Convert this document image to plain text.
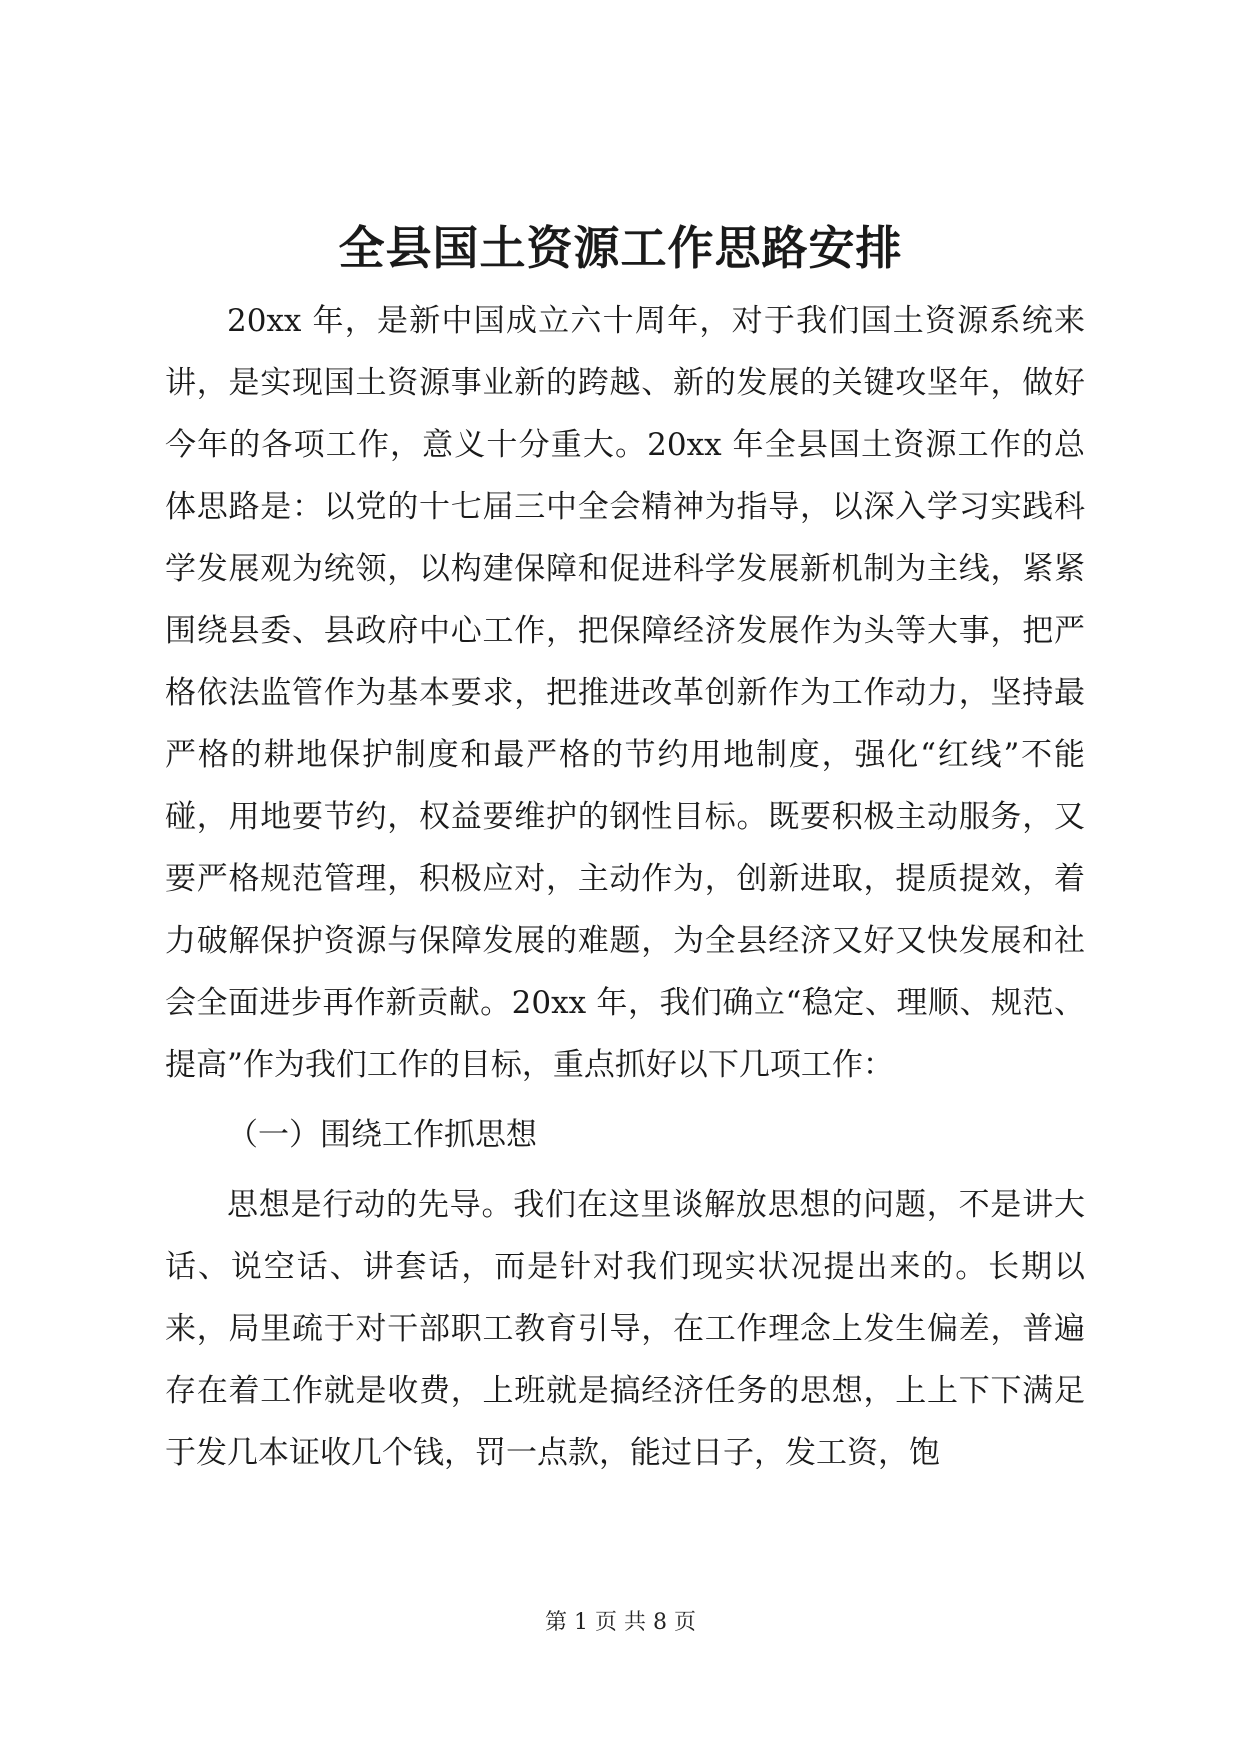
全县国土资源工作思路安排

20xx 年，是新中国成立六十周年，对于我们国土资源系统来讲，是实现国土资源事业新的跨越、新的发展的关键攻坚年，做好今年的各项工作，意义十分重大。20xx 年全县国土资源工作的总体思路是：以党的十七届三中全会精神为指导，以深入学习实践科学发展观为统领，以构建保障和促进科学发展新机制为主线，紧紧围绕县委、县政府中心工作，把保障经济发展作为头等大事，把严格依法监管作为基本要求，把推进改革创新作为工作动力，坚持最严格的耕地保护制度和最严格的节约用地制度，强化“红线”不能碰，用地要节约，权益要维护的钢性目标。既要积极主动服务，又要严格规范管理，积极应对，主动作为，创新进取，提质提效，着力破解保护资源与保障发展的难题，为全县经济又好又快发展和社会全面进步再作新贡献。20xx 年，我们确立“稳定、理顺、规范、提高”作为我们工作的目标，重点抓好以下几项工作：

（一）围绕工作抓思想

思想是行动的先导。我们在这里谈解放思想的问题，不是讲大话、说空话、讲套话，而是针对我们现实状况提出来的。长期以来，局里疏于对干部职工教育引导，在工作理念上发生偏差，普遍存在着工作就是收费，上班就是搞经济任务的思想，上上下下满足于发几本证收几个钱，罚一点款，能过日子，发工资，饱

第 1 页 共 8 页
